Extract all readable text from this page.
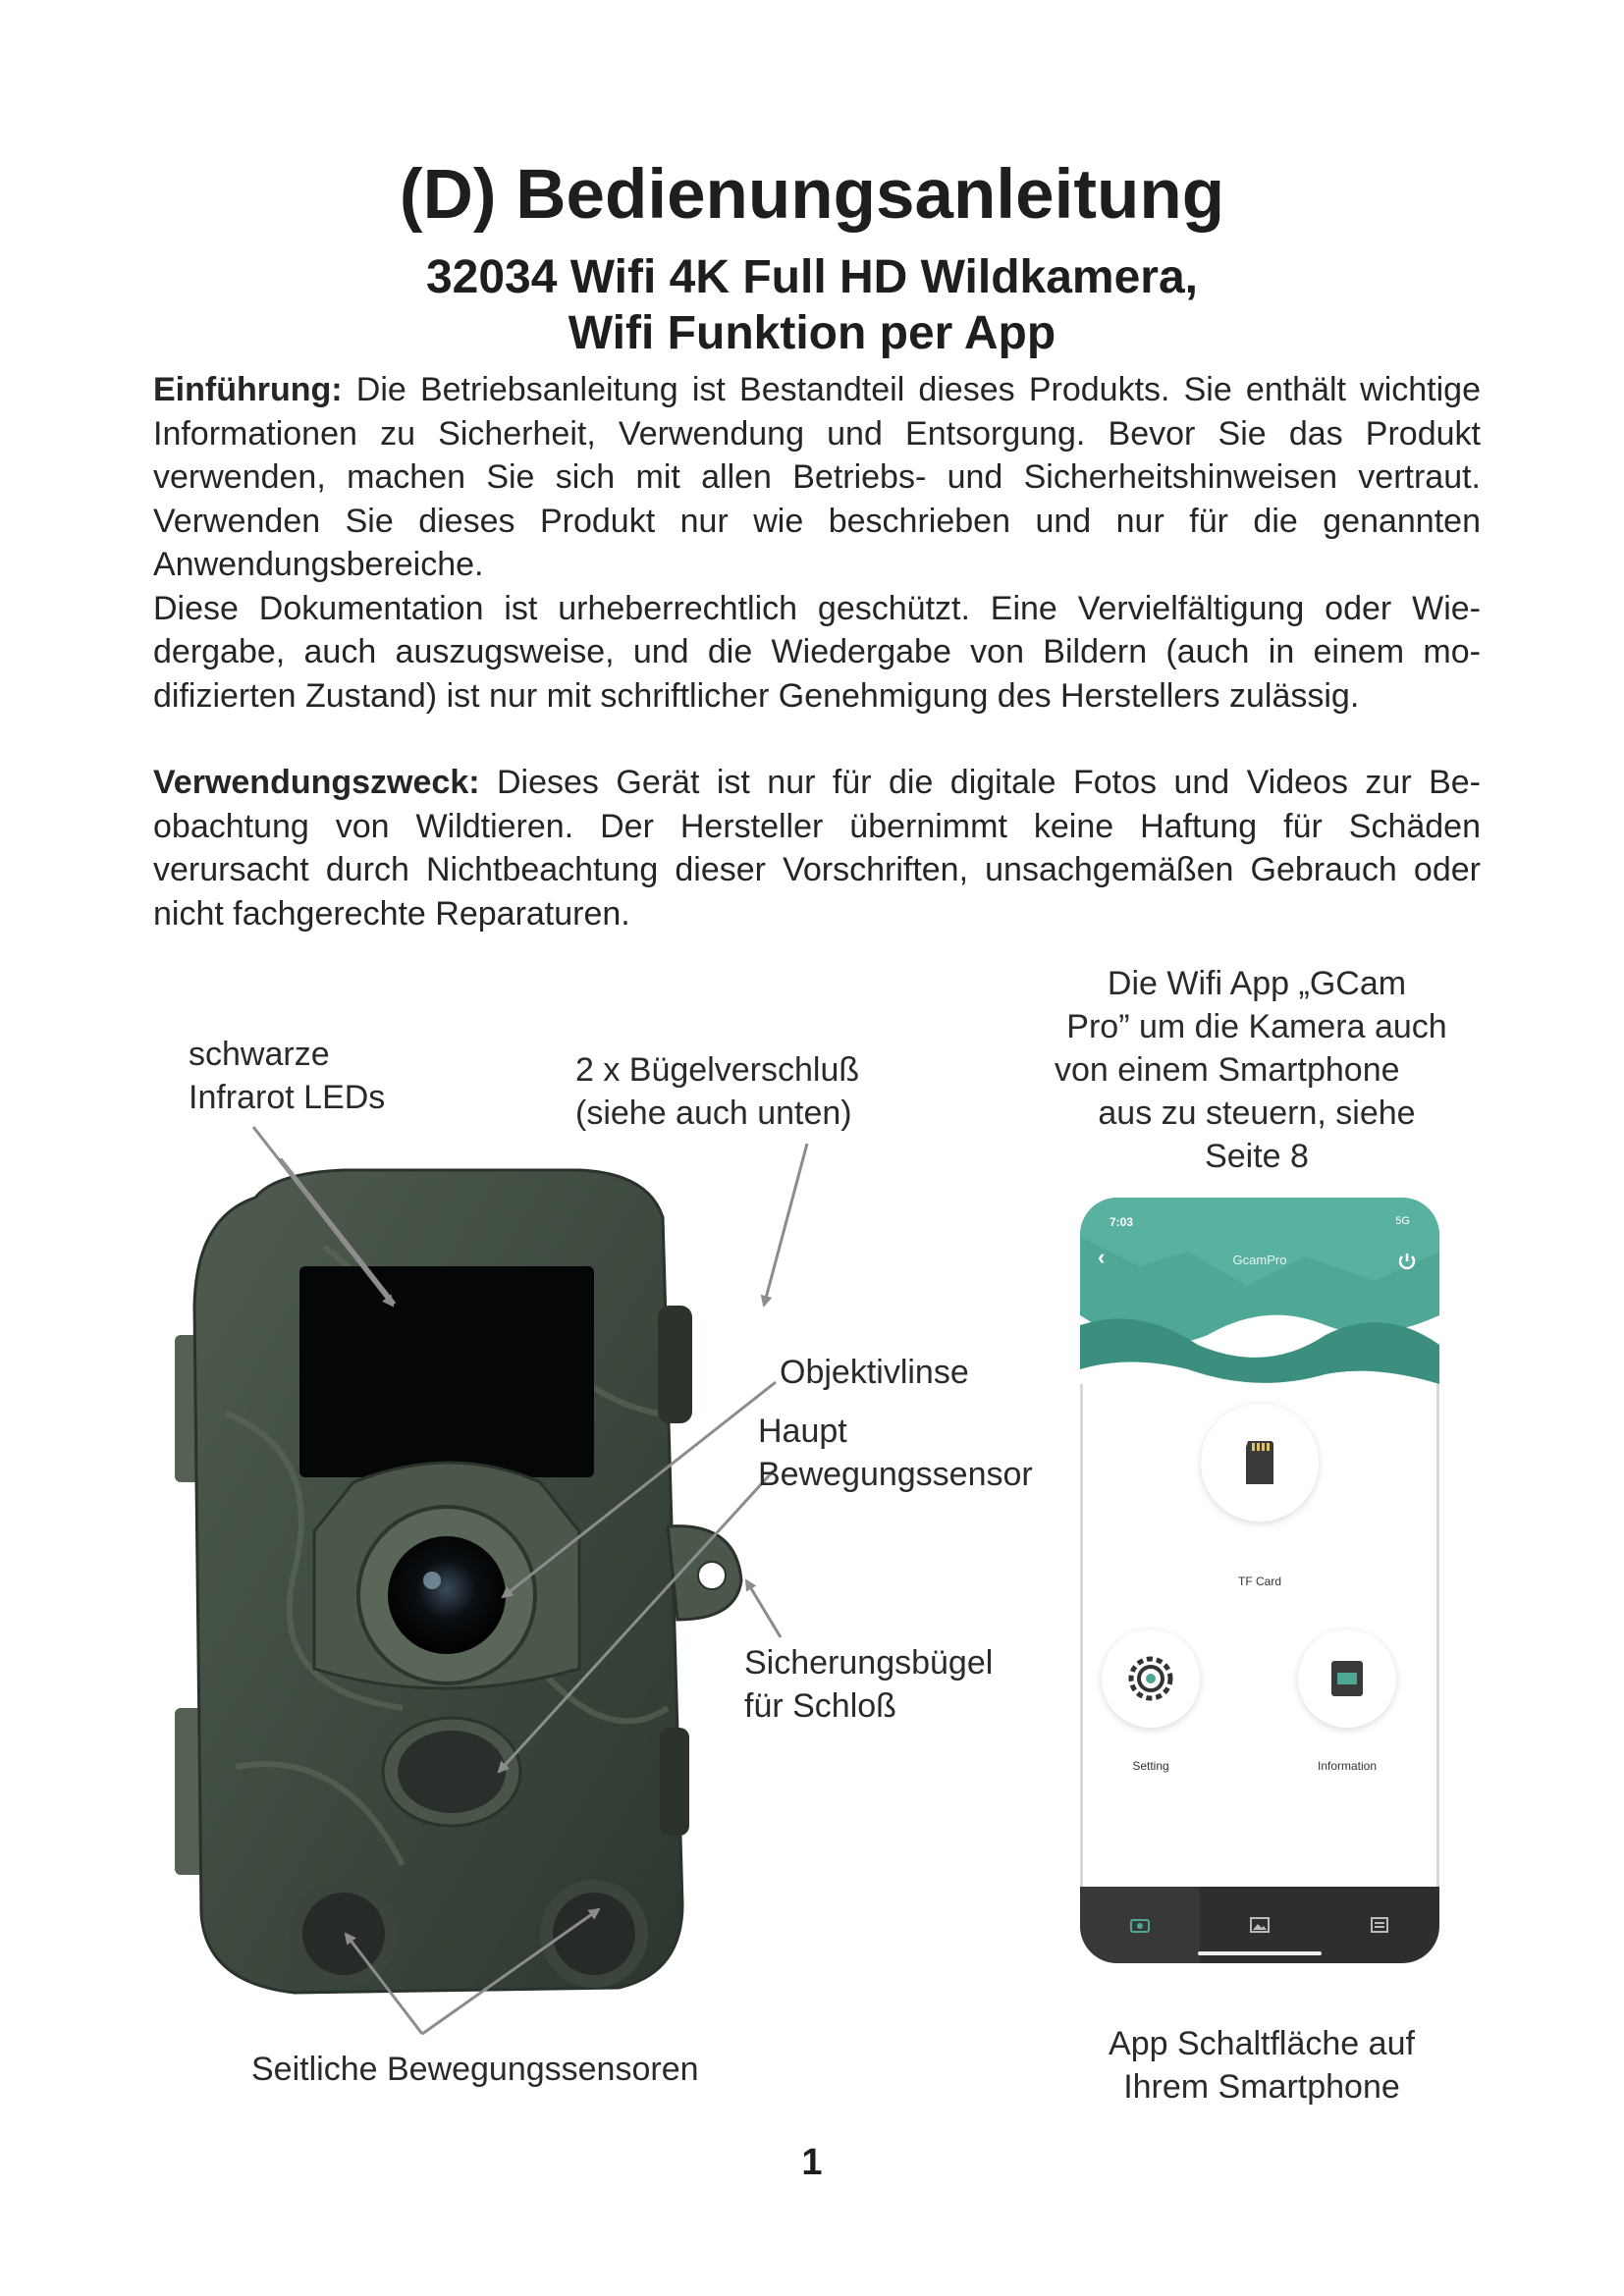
(D) Bedienungsanleitung
32034 Wifi 4K Full HD Wildkamera,
Wifi Funktion per App
Einführung: Die Betriebsanleitung ist Bestandteil dieses Produkts. Sie enthält wichtige Informationen zu Sicherheit, Verwendung und Entsorgung. Bevor Sie das Produkt verwenden, machen Sie sich mit allen Betriebs- und Sicherheitshinweisen vertraut. Verwenden Sie dieses Produkt nur wie beschrieben und nur für die genannten Anwendungsbereiche.
Diese Dokumentation ist urheberrechtlich geschützt. Eine Vervielfältigung oder Wiedergabe, auch auszugsweise, und die Wiedergabe von Bildern (auch in einem modifizierten Zustand) ist nur mit schriftlicher Genehmigung des Herstellers zulässig.
Verwendungszweck: Dieses Gerät ist nur für die digitale Fotos und Videos zur Beobachtung von Wildtieren. Der Hersteller übernimmt keine Haftung für Schäden verursacht durch Nichtbeachtung dieser Vorschriften, unsachgemäßen Gebrauch oder nicht fachgerechte Reparaturen.
schwarze
Infrarot LEDs
2 x Bügelverschluß
(siehe auch unten)
Objektivlinse
Haupt
Bewegungssensor
Sicherungsbügel
für Schloß
Seitliche Bewegungssensoren
Die Wifi App „GCam
Pro” um die Kamera auch
von einem Smartphone
aus zu steuern, siehe
Seite 8
7:03	5G
‹	GcamPro
TF Card
Setting	Information
App Schaltfläche auf
Ihrem Smartphone
1
